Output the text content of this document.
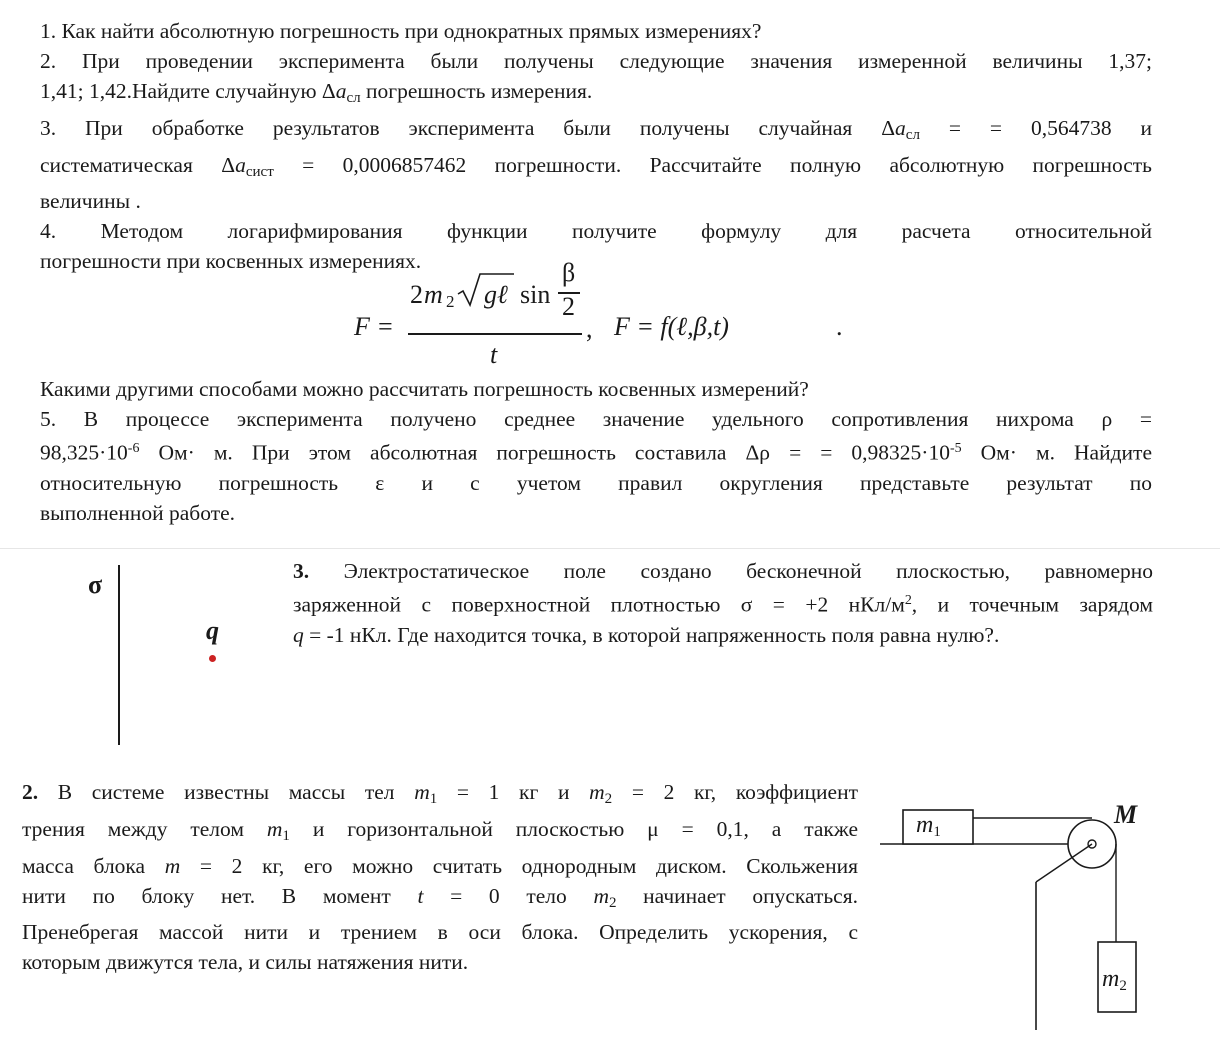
1. Как найти абсолютную погрешность при однократных прямых измерениях?
2. При проведении эксперимента были получены следующие значения измеренной величины 1,37;
1,41; 1,42.Найдите случайную $\Delta a_{сл}$ погрешность измерения.
3. При обработке результатов эксперимента были получены случайная $\Delta a_{сл}$ = = 0,564738 и
систематическая $\Delta a_{сист} = 0,0006857462$ погрешности. Рассчитайте полную абсолютную погрешность
величины .
4. Методом логарифмирования функции получите формулу для расчета относительной
погрешности при косвенных измерениях.
F =
2 m 2 gℓ sin
β
2
t
, F = f(ℓ,β,t)	.
Какими другими способами можно рассчитать погрешность косвенных измерений?
5. В процессе эксперимента получено среднее значение удельного сопротивления нихрома ρ =
$98,325\cdot 10^{-6}$ Ом· м. При этом абсолютная погрешность составила Δρ = = $0,98325\cdot 10^{-5}$ Ом· м. Найдите
относительную погрешность ε и с учетом правил округления представьте результат по
выполненной работе.
σ
q
3. Электростатическое поле создано бесконечной плоскостью, равномерно
заряженной с поверхностной плотностью σ = +2 нКл/$м^2$, и точечным зарядом
q = -1 нКл. Где находится точка, в которой напряженность поля равна нулю?.
2. В системе известны массы тел $m_1 = 1$ кг и $m_2 = 2$ кг, коэффициент
трения между телом $m_1$ и горизонтальной плоскостью μ = 0,1, а также
масса блока m = 2 кг, его можно считать однородным диском. Скольжения
нити по блоку нет. В момент t = 0 тело $m_2$ начинает опускаться.
Пренебрегая массой нити и трением в оси блока. Определить ускорения, с
которым движутся тела, и силы натяжения нити.
m1
m2
M
